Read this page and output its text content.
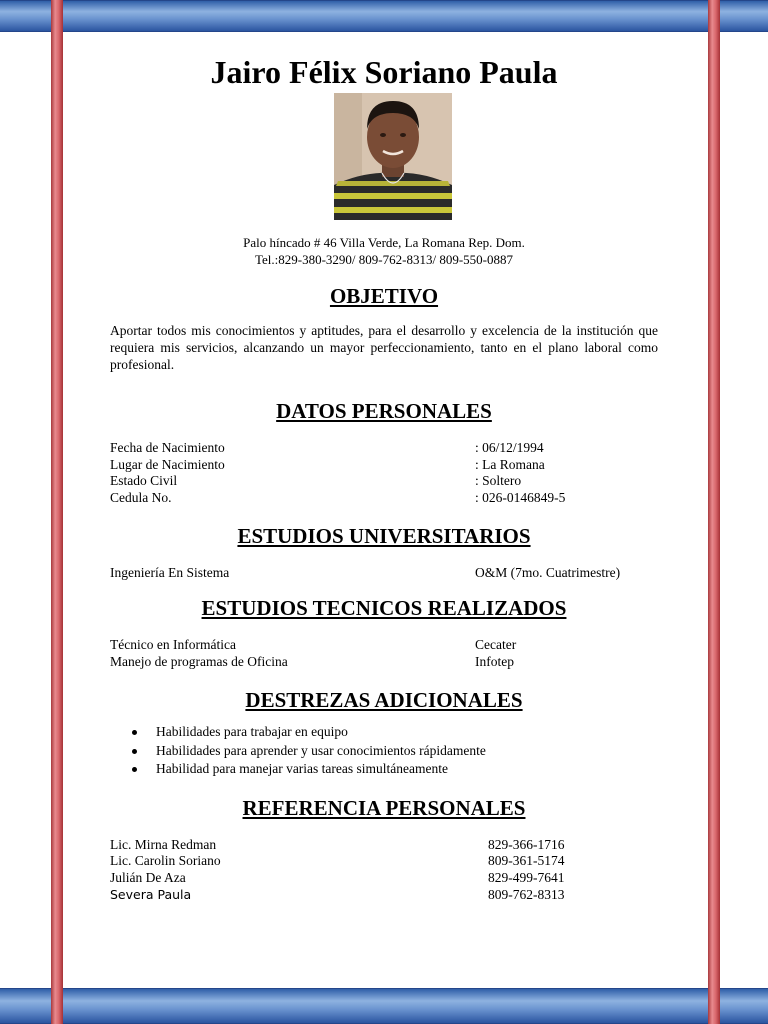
Jairo Félix Soriano Paula
Palo híncado # 46 Villa Verde, La Romana Rep. Dom.
Tel.:829-380-3290/ 809-762-8313/ 809-550-0887
OBJETIVO

Aportar todos mis conocimientos y aptitudes, para el desarrollo y excelencia de la institución que requiera mis servicios, alcanzando un mayor perfeccionamiento, tanto en el plano laboral como profesional.

DATOS PERSONALES
Fecha de Nacimiento	: 06/12/1994
Lugar de Nacimiento	: La Romana
Estado Civil	: Soltero
Cedula No.	: 026-0146849-5
ESTUDIOS UNIVERSITARIOS
Ingeniería En Sistema	O&M (7mo. Cuatrimestre)
ESTUDIOS TECNICOS REALIZADOS
Técnico en Informática	Cecater
Manejo de programas de Oficina	Infotep
DESTREZAS ADICIONALES
Habilidades para trabajar en equipo
Habilidades para aprender y usar conocimientos rápidamente
Habilidad para manejar varias tareas simultáneamente
REFERENCIA PERSONALES
Lic. Mirna Redman	829-366-1716
Lic. Carolin Soriano	809-361-5174
Julián De Aza	829-499-7641
Severa Paula	809-762-8313
